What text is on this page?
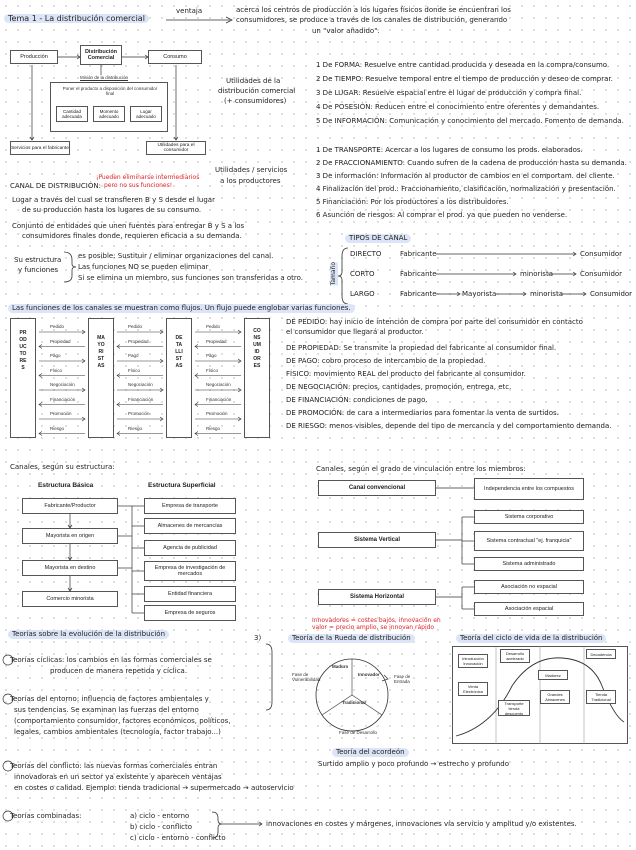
Tema 1 - La distribución comercial
ventaja	acerca los centros de producción a los lugares físicos donde se encuentran los
consumidores, se produce a través de los canales de distribución, generando
un "valor añadido".
Producción
Distribución Comercial	Consumo
Misión de la distribución
Poner el producto a disposición del consumidor final
Cantidad adecuada
Momento adecuado
Lugar adecuado
Servicios para el fabricante	Utilidades para el consumidor
Utilidades de la
distribución comercial
(+ consumidores)
1 De FORMA: Resuelve entre cantidad producida y deseada en la compra/consumo.
2 De TIEMPO: Resuelve temporal entre el tiempo de producción y deseo de comprar.
3 De LUGAR: Resuelve espacial entre el lugar de producción y compra final.
4 De POSESIÓN: Reducen entre el conocimiento entre oferentes y demandantes.
5 De INFORMACIÓN: Comunicación y conocimiento del mercado. Fomento de demanda.
Utilidades / servicios
a los productores
1 De TRANSPORTE: Acercar a los lugares de consumo los prods. elaborados.
2 De FRACCIONAMIENTO: Cuando sufren de la cadena de producción hasta su demanda.
3 De información: Información al productor de cambios en el comportam. del cliente.
4 Finalización del prod.: Fraccionamiento, clasificación, normalización y presentación.
5 Financiación: Por los productores a los distribuidores.
6 Asunción de riesgos: Al comprar el prod. ya que pueden no venderse.
CANAL DE DISTRIBUCIÓN:
¡Pueden eliminarse intermediarios
pero no sus funciones!
Lugar a través del cual se transfieren B y S desde el lugar
de su producción hasta los lugares de su consumo.
Conjunto de entidades que unen fuentes para entregar B y S a los
consumidores finales donde, requieren eficacia a su demanda.
Su estructura
y funciones
es posible: Sustituir / eliminar organizaciones del canal.
Las funciones NO se pueden eliminar
Si se elimina un miembro, sus funciones son transferidas a otro.
TIPOS DE CANAL
Tamaño
DIRECTO	Fabricante	Consumidor
CORTO	Fabricante	minorista	Consumidor
LARGO	Fabricante	Mayorista	minorista	Consumidor
Las funciones de los canales se muestran como flujos. Un flujo puede englobar varias funciones.
PRODUCTORES
MAYORISTAS
DETALLISTAS
CONSUMIDORES
Pedido	Pedido	Pedido
Propiedad	Propiedad	Propiedad
Pago	Pago	Pago
Físico	Físico	Físico
Negociación	Negociación	Negociación
Financiación	Financiación	Financiación
Promoción	Promoción	Promoción
Riesgo	Riesgo	Riesgo
DE PEDIDO: hay inicio de intención de compra por parte del consumidor en contacto
el consumidor que llegará al productor.
DE PROPIEDAD: Se transmite la propiedad del fabricante al consumidor final.
DE PAGO: cobro proceso de intercambio de la propiedad.
FÍSICO: movimiento REAL del producto del fabricante al consumidor.
DE NEGOCIACIÓN: precios, cantidades, promoción, entrega, etc.
DE FINANCIACIÓN: condiciones de pago.
DE PROMOCIÓN: de cara a intermediarios para fomentar la venta de surtidos.
DE RIESGO: menos visibles, depende del tipo de mercancía y del comportamiento demanda.
Canales, según su estructura:
Estructura Básica	Estructura Superficial
Fabricante/Productor
Mayorista en origen
Mayorista en destino
Comercio minorista
Empresa de transporte
Almacenes de mercancías
Agencia de publicidad
Empresa de investigación de mercados
Entidad financiera
Empresa de seguros
Canales, según el grado de vinculación entre los miembros:
Canal convencional	Independencia entre los compuestos
Sistema Vertical
Sistema corporativo
Sistema contractual "ej. franquicia"
Sistema administrado
Sistema Horizontal
Asociación no espacial
Asociación espacial
Teorías sobre la evolución de la distribución
Teorías cíclicas: los cambios en las formas comerciales se
producen de manera repetida y cíclica.
Teorías del entorno: influencia de factores ambientales y
sus tendencias. Se examinan las fuerzas del entorno
(comportamiento consumidor, factores económicos, políticos,
legales, cambios ambientales (tecnología, factor trabajo...)
Teorías del conflicto: las nuevas formas comerciales entran
innovadoras en un sector ya existente y aparecen ventajas
en costes o calidad. Ejemplo: tienda tradicional → supermercado → autoservicio
Teorías combinadas:	a) ciclo - entorno
b) ciclo - conflicto
c) ciclo - entorno - conflicto
innovaciones en costes y márgenes, innovaciones vía servicio y amplitud y/o existentes.
3)	Teoría de la Rueda de distribución
Innovadores = costes bajos, innovación en
valor = precio amplio, se innovan rápido
Maduro
Innovador
Tradicional
Fase de Vulnerabilidad
Fase de Desarrollo
Fase de Entrada
Teoría del acordeón
Surtido amplio y poco profundo → estrecho y profundo
Teoría del ciclo de vida de la distribución
Introducción Innovación
Desarrollo acelerado
Madurez
Decadencia
Venta Electrónica
Grandes Almacenes
Tienda Tradicional
Transporte tienda descuento
